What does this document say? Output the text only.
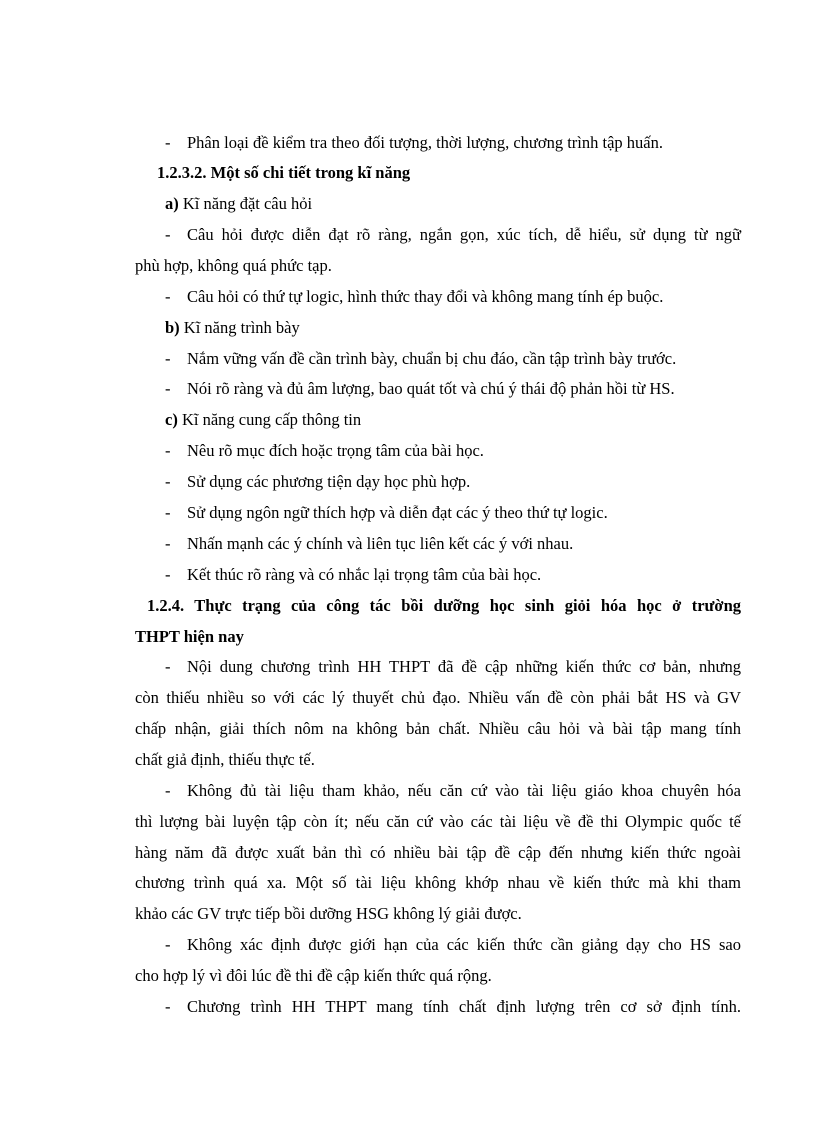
- Phân loại đề kiểm tra theo đối tượng, thời lượng, chương trình tập huấn.
1.2.3.2. Một số chi tiết trong kĩ năng
a) Kĩ năng đặt câu hỏi
- Câu hỏi được diễn đạt rõ ràng, ngắn gọn, xúc tích, dễ hiểu, sử dụng từ ngữ
phù hợp, không quá phức tạp.
- Câu hỏi có thứ tự logic, hình thức thay đổi và không mang tính ép buộc.
b) Kĩ năng trình bày
- Nắm vững vấn đề cần trình bày, chuẩn bị chu đáo, cần tập trình bày trước.
- Nói rõ ràng và đủ âm lượng, bao quát tốt và chú ý thái độ phản hồi từ HS.
c) Kĩ năng cung cấp thông tin
- Nêu rõ mục đích hoặc trọng tâm của bài học.
- Sử dụng các phương tiện dạy học phù hợp.
- Sử dụng ngôn ngữ thích hợp và diễn đạt các ý theo thứ tự logic.
- Nhấn mạnh các ý chính và liên tục liên kết các ý với nhau.
- Kết thúc rõ ràng và có nhắc lại trọng tâm của bài học.
1.2.4. Thực trạng của công tác bồi dưỡng học sinh giỏi hóa học ở trường
THPT hiện nay
- Nội dung chương trình HH THPT đã đề cập những kiến thức cơ bản, nhưng
còn thiếu nhiều so với các lý thuyết chủ đạo. Nhiều vấn đề còn phải bắt HS và GV
chấp nhận, giải thích nôm na không bản chất. Nhiều câu hỏi và bài tập mang tính
chất giả định, thiếu thực tế.
- Không đủ tài liệu tham khảo, nếu căn cứ vào tài liệu giáo khoa chuyên hóa
thì lượng bài luyện tập còn ít; nếu căn cứ vào các tài liệu về đề thi Olympic quốc tế
hàng năm đã được xuất bản thì có nhiều bài tập đề cập đến nhưng kiến thức ngoài
chương trình quá xa. Một số tài liệu không khớp nhau về kiến thức mà khi tham
khảo các GV trực tiếp bồi dưỡng HSG không lý giải được.
- Không xác định được giới hạn của các kiến thức cần giảng dạy cho HS sao
cho hợp lý vì đôi lúc đề thi đề cập kiến thức quá rộng.
- Chương trình HH THPT mang tính chất định lượng trên cơ sở định tính.
